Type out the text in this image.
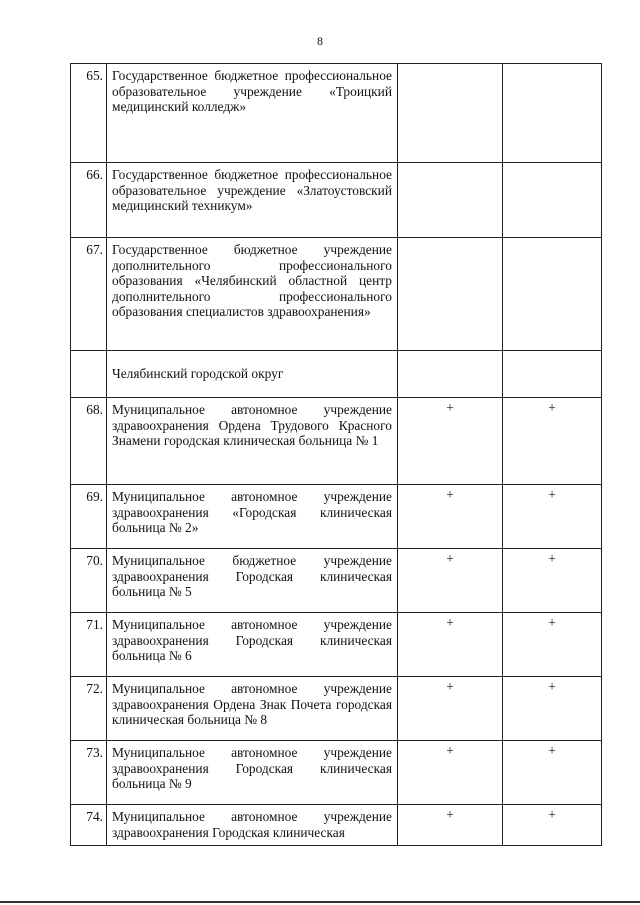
8
65.	Государственное бюджетное профессиональное образовательное учреждение «Троицкий медицинский колледж»		
66.	Государственное бюджетное профессиональное образовательное учреждение «Златоустовский медицинский техникум»		
67.	Государственное бюджетное учреждение дополнительного профессионального образования «Челябинский областной центр дополнительного профессионального образования специалистов здравоохранения»		
	Челябинский городской округ		
68.	Муниципальное автономное учреждение здравоохранения Ордена Трудового Красного Знамени городская клиническая больница № 1	+	+
69.	Муниципальное автономное учреждение здравоохранения «Городская клиническая больница № 2»	+	+
70.	Муниципальное бюджетное учреждение здравоохранения Городская клиническая больница № 5	+	+
71.	Муниципальное автономное учреждение здравоохранения Городская клиническая больница № 6	+	+
72.	Муниципальное автономное учреждение здравоохранения Ордена Знак Почета городская клиническая больница № 8	+	+
73.	Муниципальное автономное учреждение здравоохранения Городская клиническая больница № 9	+	+
74.	Муниципальное автономное учреждение здравоохранения Городская клиническая	+	+
